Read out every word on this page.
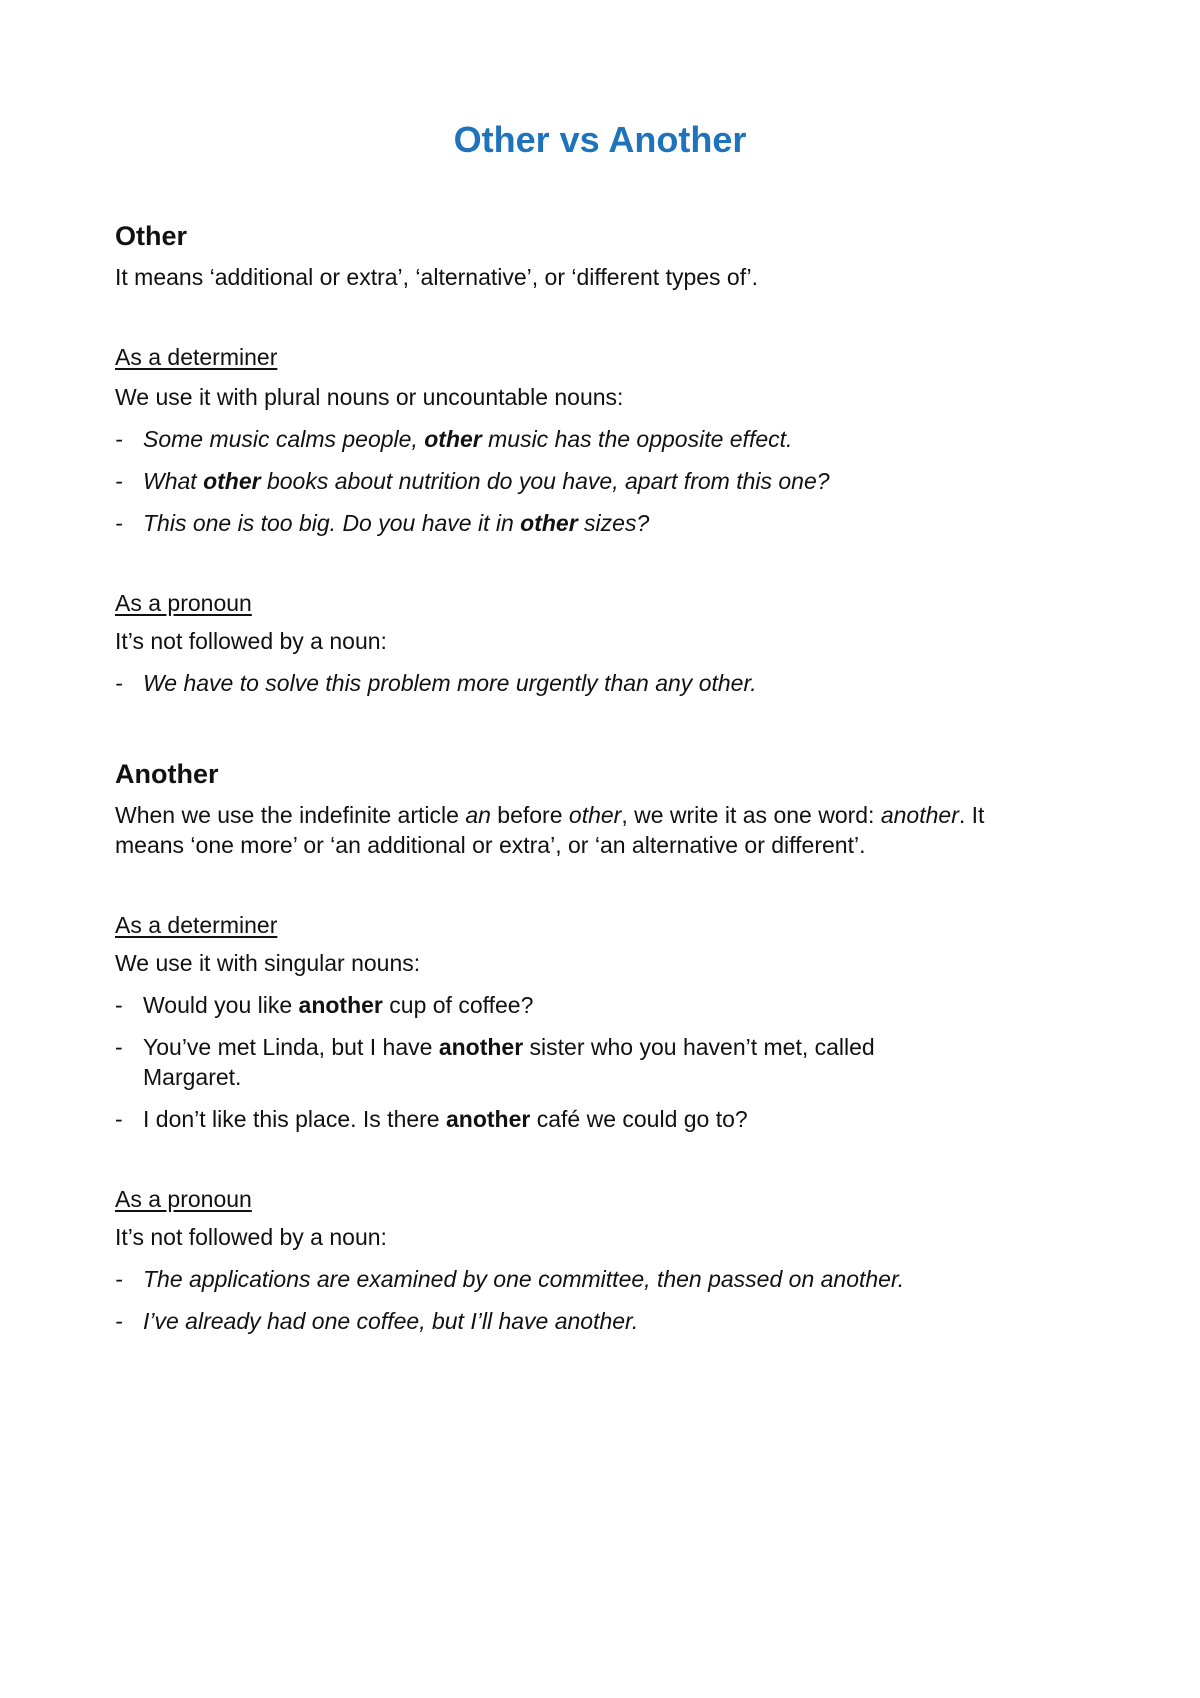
Other vs Another
Other
It means ‘additional or extra’, ‘alternative’, or ‘different types of’.
As a determiner
We use it with plural nouns or uncountable nouns:
- Some music calms people, other music has the opposite effect.
- What other books about nutrition do you have, apart from this one?
- This one is too big. Do you have it in other sizes?
As a pronoun
It’s not followed by a noun:
- We have to solve this problem more urgently than any other.
Another
When we use the indefinite article an before other, we write it as one word: another. It means ‘one more’ or ‘an additional or extra’, or ‘an alternative or different’.
As a determiner
We use it with singular nouns:
- Would you like another cup of coffee?
- You’ve met Linda, but I have another sister who you haven’t met, called Margaret.
- I don’t like this place. Is there another café we could go to?
As a pronoun
It’s not followed by a noun:
- The applications are examined by one committee, then passed on another.
- I’ve already had one coffee, but I’ll have another.
